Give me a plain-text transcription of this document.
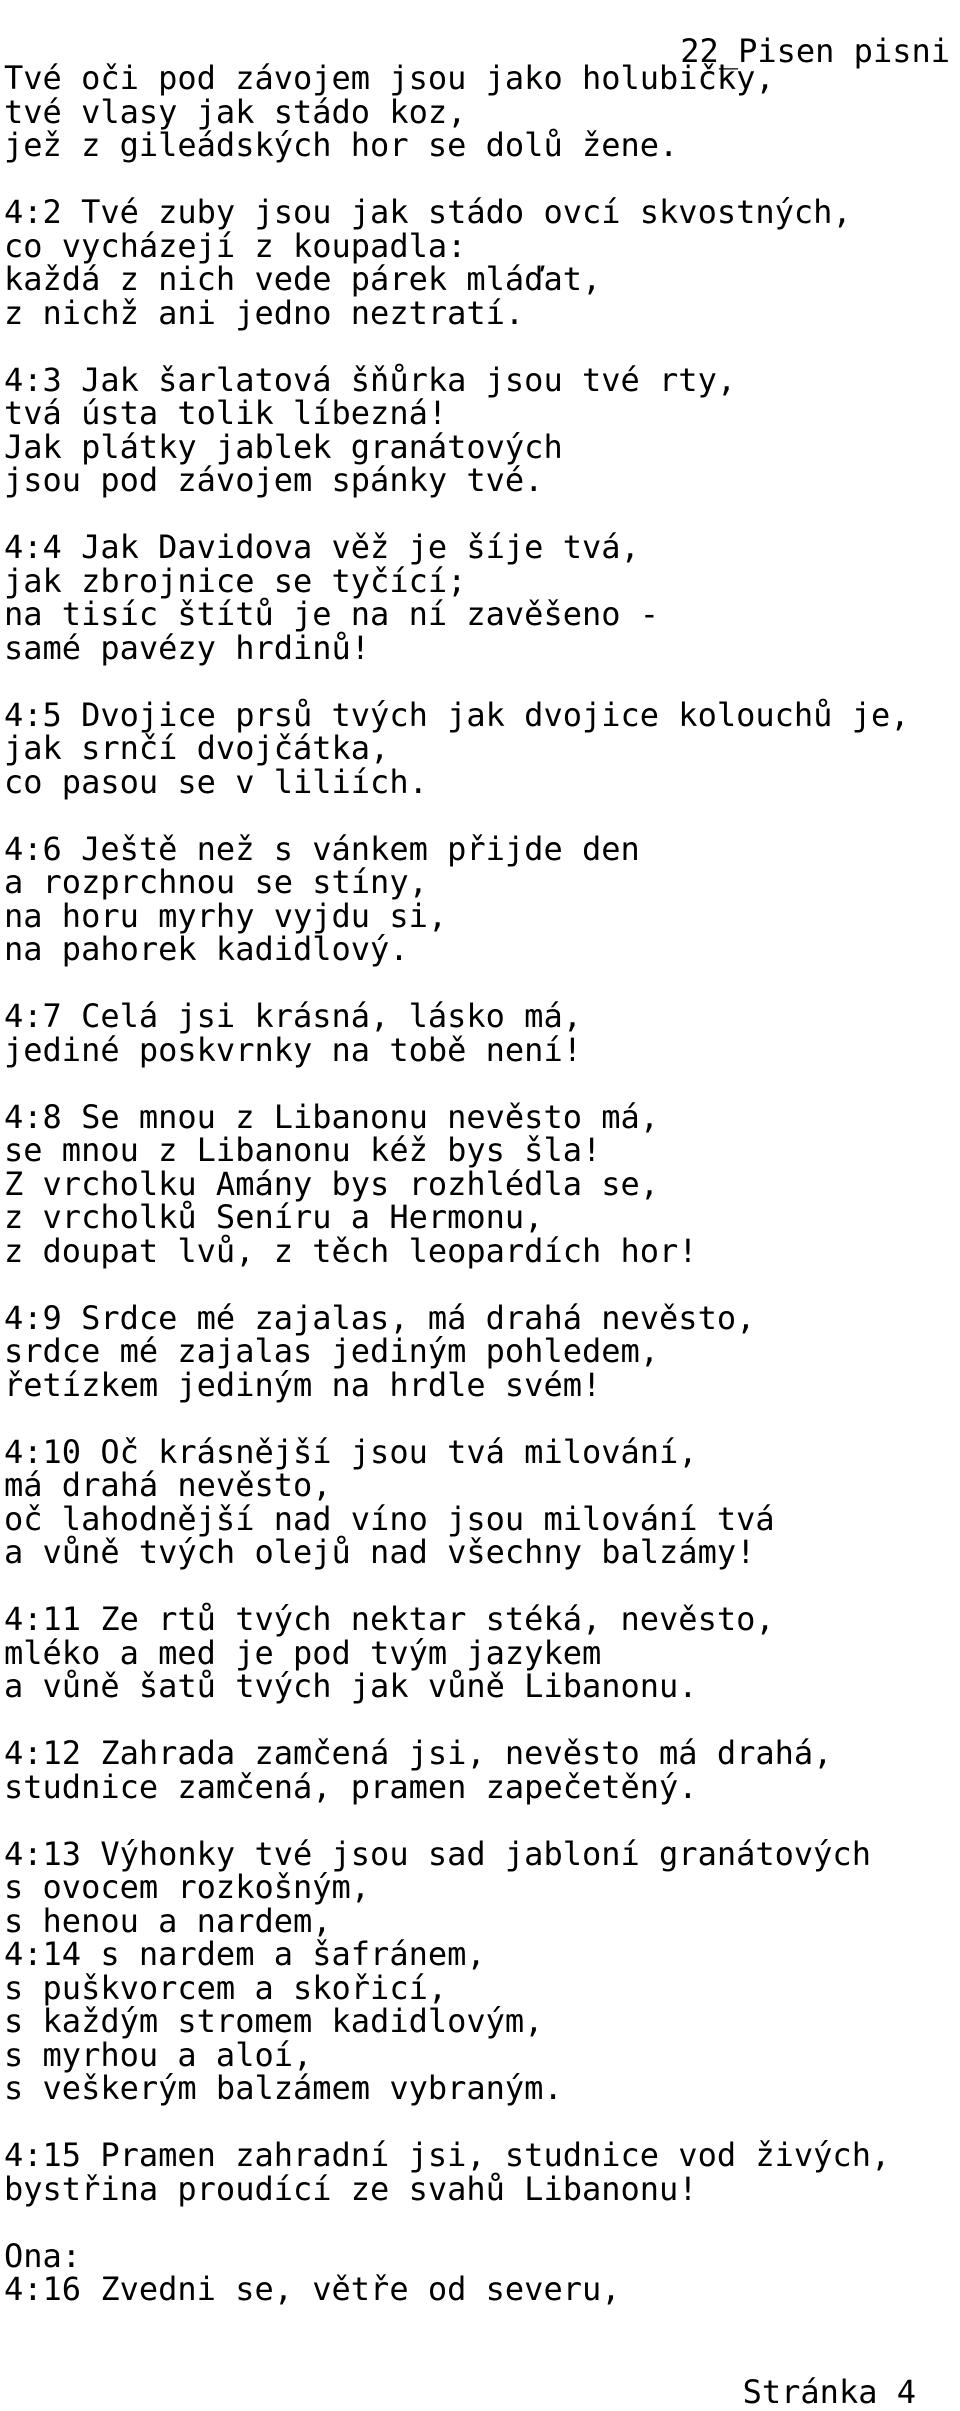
22_Pisen pisni

Tvé oči pod závojem jsou jako holubičky,
tvé vlasy jak stádo koz,
jež z gileádských hor se dolů žene.
4:2 Tvé zuby jsou jak stádo ovcí skvostných,
co vycházejí z koupadla:
každá z nich vede párek mláďat,
z nichž ani jedno neztratí.
4:3 Jak šarlatová šňůrka jsou tvé rty,
tvá ústa tolik líbezná!
Jak plátky jablek granátových
jsou pod závojem spánky tvé.
4:4 Jak Davidova věž je šíje tvá,
jak zbrojnice se tyčící;
na tisíc štítů je na ní zavěšeno -
samé pavézy hrdinů!
4:5 Dvojice prsů tvých jak dvojice kolouchů je,
jak srnčí dvojčátka,
co pasou se v liliích.
4:6 Ještě než s vánkem přijde den
a rozprchnou se stíny,
na horu myrhy vyjdu si,
na pahorek kadidlový.
4:7 Celá jsi krásná, lásko má,
jediné poskvrnky na tobě není!
4:8 Se mnou z Libanonu nevěsto má,
se mnou z Libanonu kéž bys šla!
Z vrcholku Amány bys rozhlédla se,
z vrcholků Seníru a Hermonu,
z doupat lvů, z těch leopardích hor!
4:9 Srdce mé zajalas, má drahá nevěsto,
srdce mé zajalas jediným pohledem,
řetízkem jediným na hrdle svém!
4:10 Oč krásnější jsou tvá milování,
má drahá nevěsto,
oč lahodnější nad víno jsou milování tvá
a vůně tvých olejů nad všechny balzámy!
4:11 Ze rtů tvých nektar stéká, nevěsto,
mléko a med je pod tvým jazykem
a vůně šatů tvých jak vůně Libanonu.
4:12 Zahrada zamčená jsi, nevěsto má drahá,
studnice zamčená, pramen zapečetěný.
4:13 Výhonky tvé jsou sad jabloní granátových
s ovocem rozkošným,
s henou a nardem,
4:14 s nardem a šafránem,
s puškvorcem a skořicí,
s každým stromem kadidlovým,
s myrhou a aloí,
s veškerým balzámem vybraným.
4:15 Pramen zahradní jsi, studnice vod živých,
bystřina proudící ze svahů Libanonu!
Ona:
4:16 Zvedni se, větře od severu,

Stránka 4
